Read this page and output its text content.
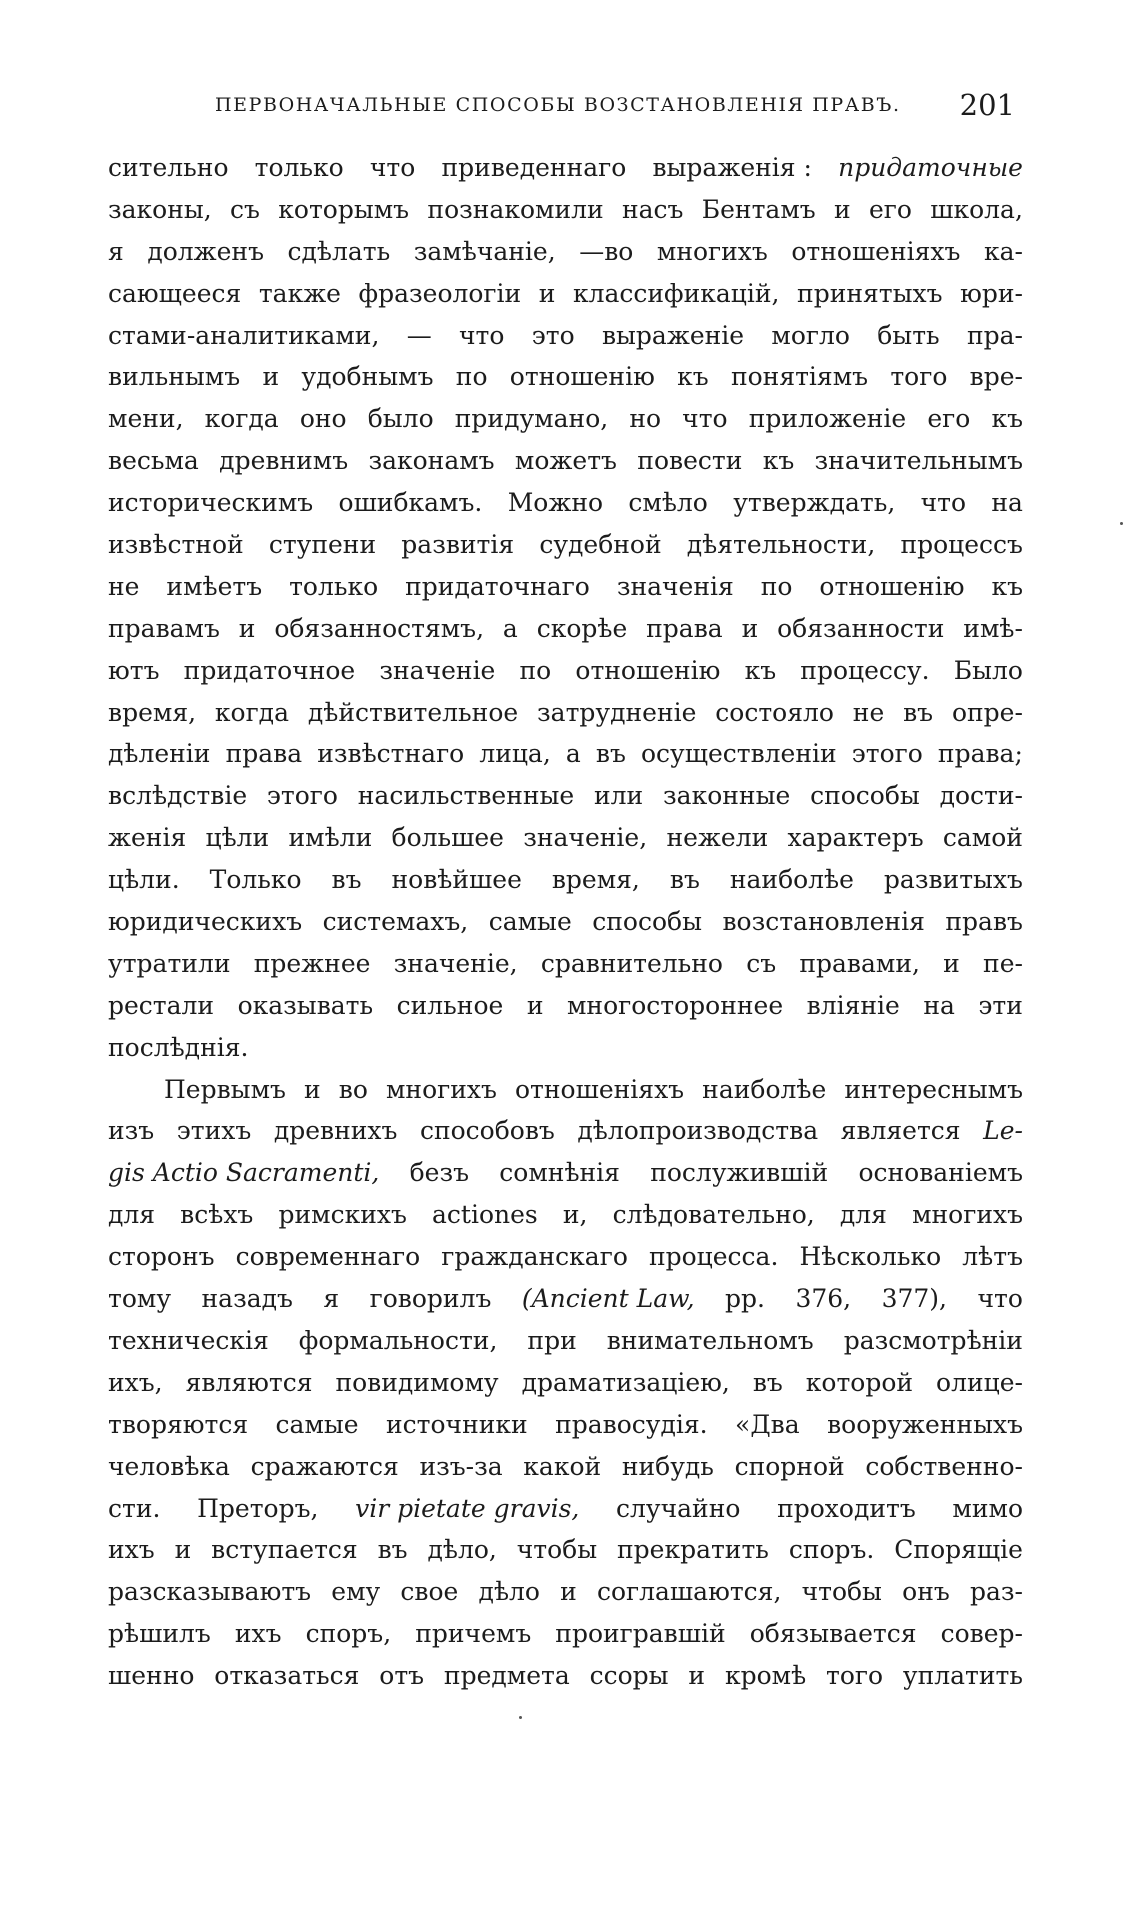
ПЕРВОНАЧАЛЬНЫЕ СПОСОБЫ ВОЗСТАНОВЛЕНІЯ ПРАВЪ. 201
сительно только что приведеннаго выраженія : придаточные
законы, съ которымъ познакомили насъ Бентамъ и его школа,
я долженъ сдѣлать замѣчаніе, —во многихъ отношеніяхъ ка-
сающееся также фразеологіи и классификацій, принятыхъ юри-
стами-аналитиками, — что это выраженіе могло быть пра-
вильнымъ и удобнымъ по отношенію къ понятіямъ того вре-
мени, когда оно было придумано, но что приложеніе его къ
весьма древнимъ законамъ можетъ повести къ значительнымъ
историческимъ ошибкамъ. Можно смѣло утверждать, что на
извѣстной ступени развитія судебной дѣятельности, процессъ
не имѣетъ только придаточнаго значенія по отношенію къ
правамъ и обязанностямъ, а скорѣе права и обязанности имѣ-
ютъ придаточное значеніе по отношенію къ процессу. Было
время, когда дѣйствительное затрудненіе состояло не въ опре-
дѣленіи права извѣстнаго лица, а въ осуществленіи этого права;
вслѣдствіе этого насильственные или законные способы дости-
женія цѣли имѣли большее значеніе, нежели характеръ самой
цѣли. Только въ новѣйшее время, въ наиболѣе развитыхъ
юридическихъ системахъ, самые способы возстановленія правъ
утратили прежнее значеніе, сравнительно съ правами, и пе-
рестали оказывать сильное и многостороннее вліяніе на эти
послѣднія.
Первымъ и во многихъ отношеніяхъ наиболѣе интереснымъ
изъ этихъ древнихъ способовъ дѣлопроизводства является Le-
gis Actio Sacramenti, безъ сомнѣнія послужившій основаніемъ
для всѣхъ римскихъ actiones и, слѣдовательно, для многихъ
сторонъ современнаго гражданскаго процесса. Нѣсколько лѣтъ
тому назадъ я говорилъ (Ancient Law, pp. 376, 377), что
техническія формальности, при внимательномъ разсмотрѣніи
ихъ, являются повидимому драматизаціею, въ которой олице-
творяются самые источники правосудія. «Два вооруженныхъ
человѣка сражаются изъ-за какой нибудь спорной собственно-
сти. Преторъ, vir pietate gravis, случайно проходитъ мимо
ихъ и вступается въ дѣло, чтобы прекратить споръ. Спорящіе
разсказываютъ ему свое дѣло и соглашаются, чтобы онъ раз-
рѣшилъ ихъ споръ, причемъ проигравшій обязывается совер-
шенно отказаться отъ предмета ссоры и кромѣ того уплатить
